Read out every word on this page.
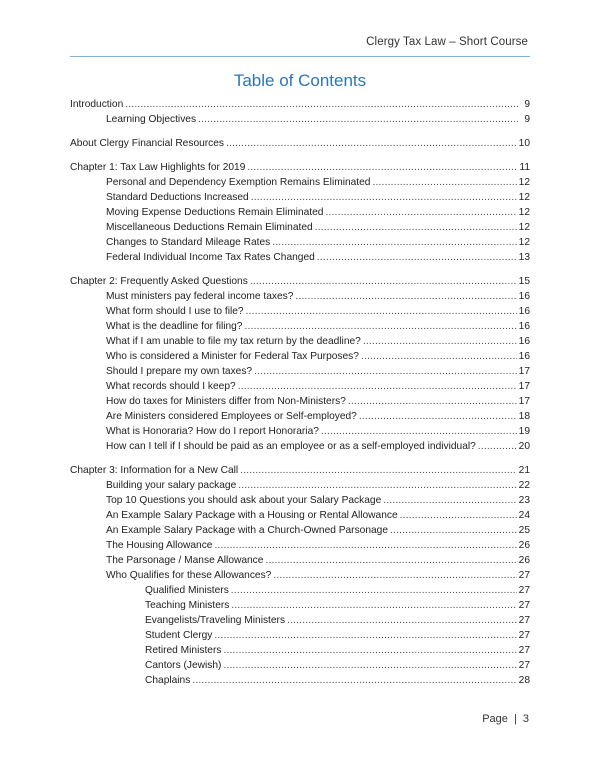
Clergy Tax Law – Short Course
Table of Contents
Introduction .....	9
Learning Objectives .....	9
About Clergy Financial Resources .....	10
Chapter 1: Tax Law Highlights for 2019 .....	11
Personal and Dependency Exemption Remains Eliminated .....	12
Standard Deductions Increased .....	12
Moving Expense Deductions Remain Eliminated .....	12
Miscellaneous Deductions Remain Eliminated .....	12
Changes to Standard Mileage Rates .....	12
Federal Individual Income Tax Rates Changed .....	13
Chapter 2: Frequently Asked Questions .....	15
Must ministers pay federal income taxes? .....	16
What form should I use to file? .....	16
What is the deadline for filing? .....	16
What if I am unable to file my tax return by the deadline? .....	16
Who is considered a Minister for Federal Tax Purposes? .....	16
Should I prepare my own taxes? .....	17
What records should I keep? .....	17
How do taxes for Ministers differ from Non-Ministers? .....	17
Are Ministers considered Employees or Self-employed? .....	18
What is Honoraria? How do I report Honoraria? .....	19
How can I tell if I should be paid as an employee or as a self-employed individual? .....	20
Chapter 3: Information for a New Call .....	21
Building your salary package .....	22
Top 10 Questions you should ask about your Salary Package .....	23
An Example Salary Package with a Housing or Rental Allowance .....	24
An Example Salary Package with a Church-Owned Parsonage .....	25
The Housing Allowance .....	26
The Parsonage / Manse Allowance .....	26
Who Qualifies for these Allowances? .....	27
Qualified Ministers .....	27
Teaching Ministers .....	27
Evangelists/Traveling Ministers .....	27
Student Clergy .....	27
Retired Ministers .....	27
Cantors (Jewish) .....	27
Chaplains .....	28
Page | 3
